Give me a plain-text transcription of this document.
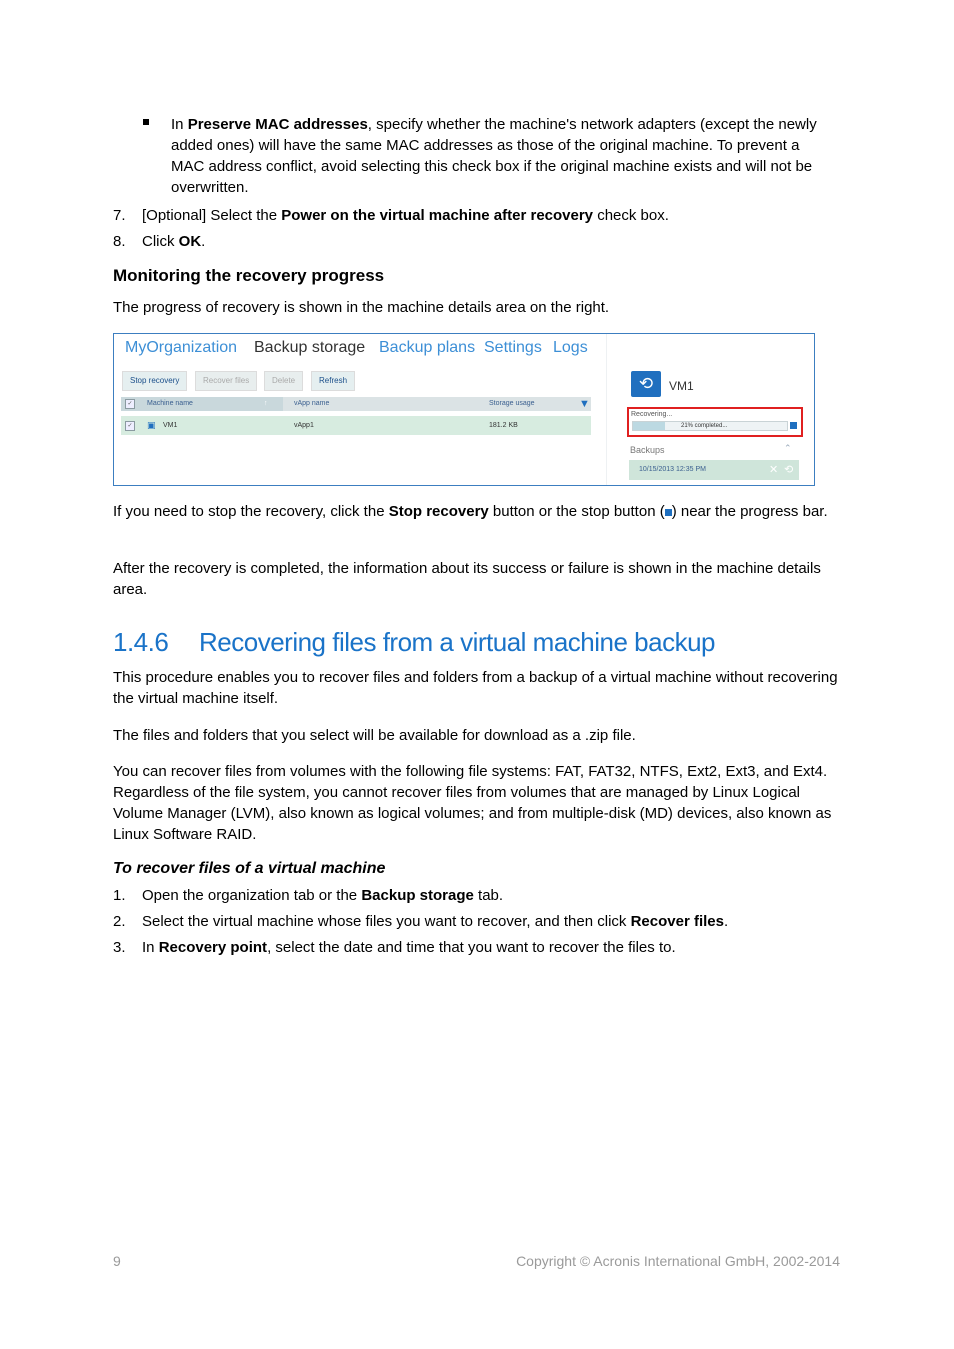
In Preserve MAC addresses, specify whether the machine's network adapters (except the newly added ones) will have the same MAC addresses as those of the original machine. To prevent a MAC address conflict, avoid selecting this check box if the original machine exists and will not be overwritten.
7.	[Optional] Select the Power on the virtual machine after recovery check box.
8.	Click OK.
Monitoring the recovery progress
The progress of recovery is shown in the machine details area on the right.
MyOrganization Backup storage Backup plans Settings Logs
Stop recovery	Recover files	Delete	Refresh
✓	Machine name	↑	vApp name	Storage usage	▼
✓ ▣ VM1	vApp1	181.2 KB
⟲	VM1
Recovering...
21% completed...
Backups	⌃
10/15/2013 12:35 PM	✕ ⟲
If you need to stop the recovery, click the Stop recovery button or the stop button ( ) near the progress bar.
After the recovery is completed, the information about its success or failure is shown in the machine details area.
1.4.6 Recovering files from a virtual machine backup
This procedure enables you to recover files and folders from a backup of a virtual machine without recovering the virtual machine itself.
The files and folders that you select will be available for download as a .zip file.
You can recover files from volumes with the following file systems: FAT, FAT32, NTFS, Ext2, Ext3, and Ext4. Regardless of the file system, you cannot recover files from volumes that are managed by Linux Logical Volume Manager (LVM), also known as logical volumes; and from multiple-disk (MD) devices, also known as Linux Software RAID.
To recover files of a virtual machine
1.	Open the organization tab or the Backup storage tab.
2.	Select the virtual machine whose files you want to recover, and then click Recover files.
3.	In Recovery point, select the date and time that you want to recover the files to.
9	Copyright © Acronis International GmbH, 2002-2014
